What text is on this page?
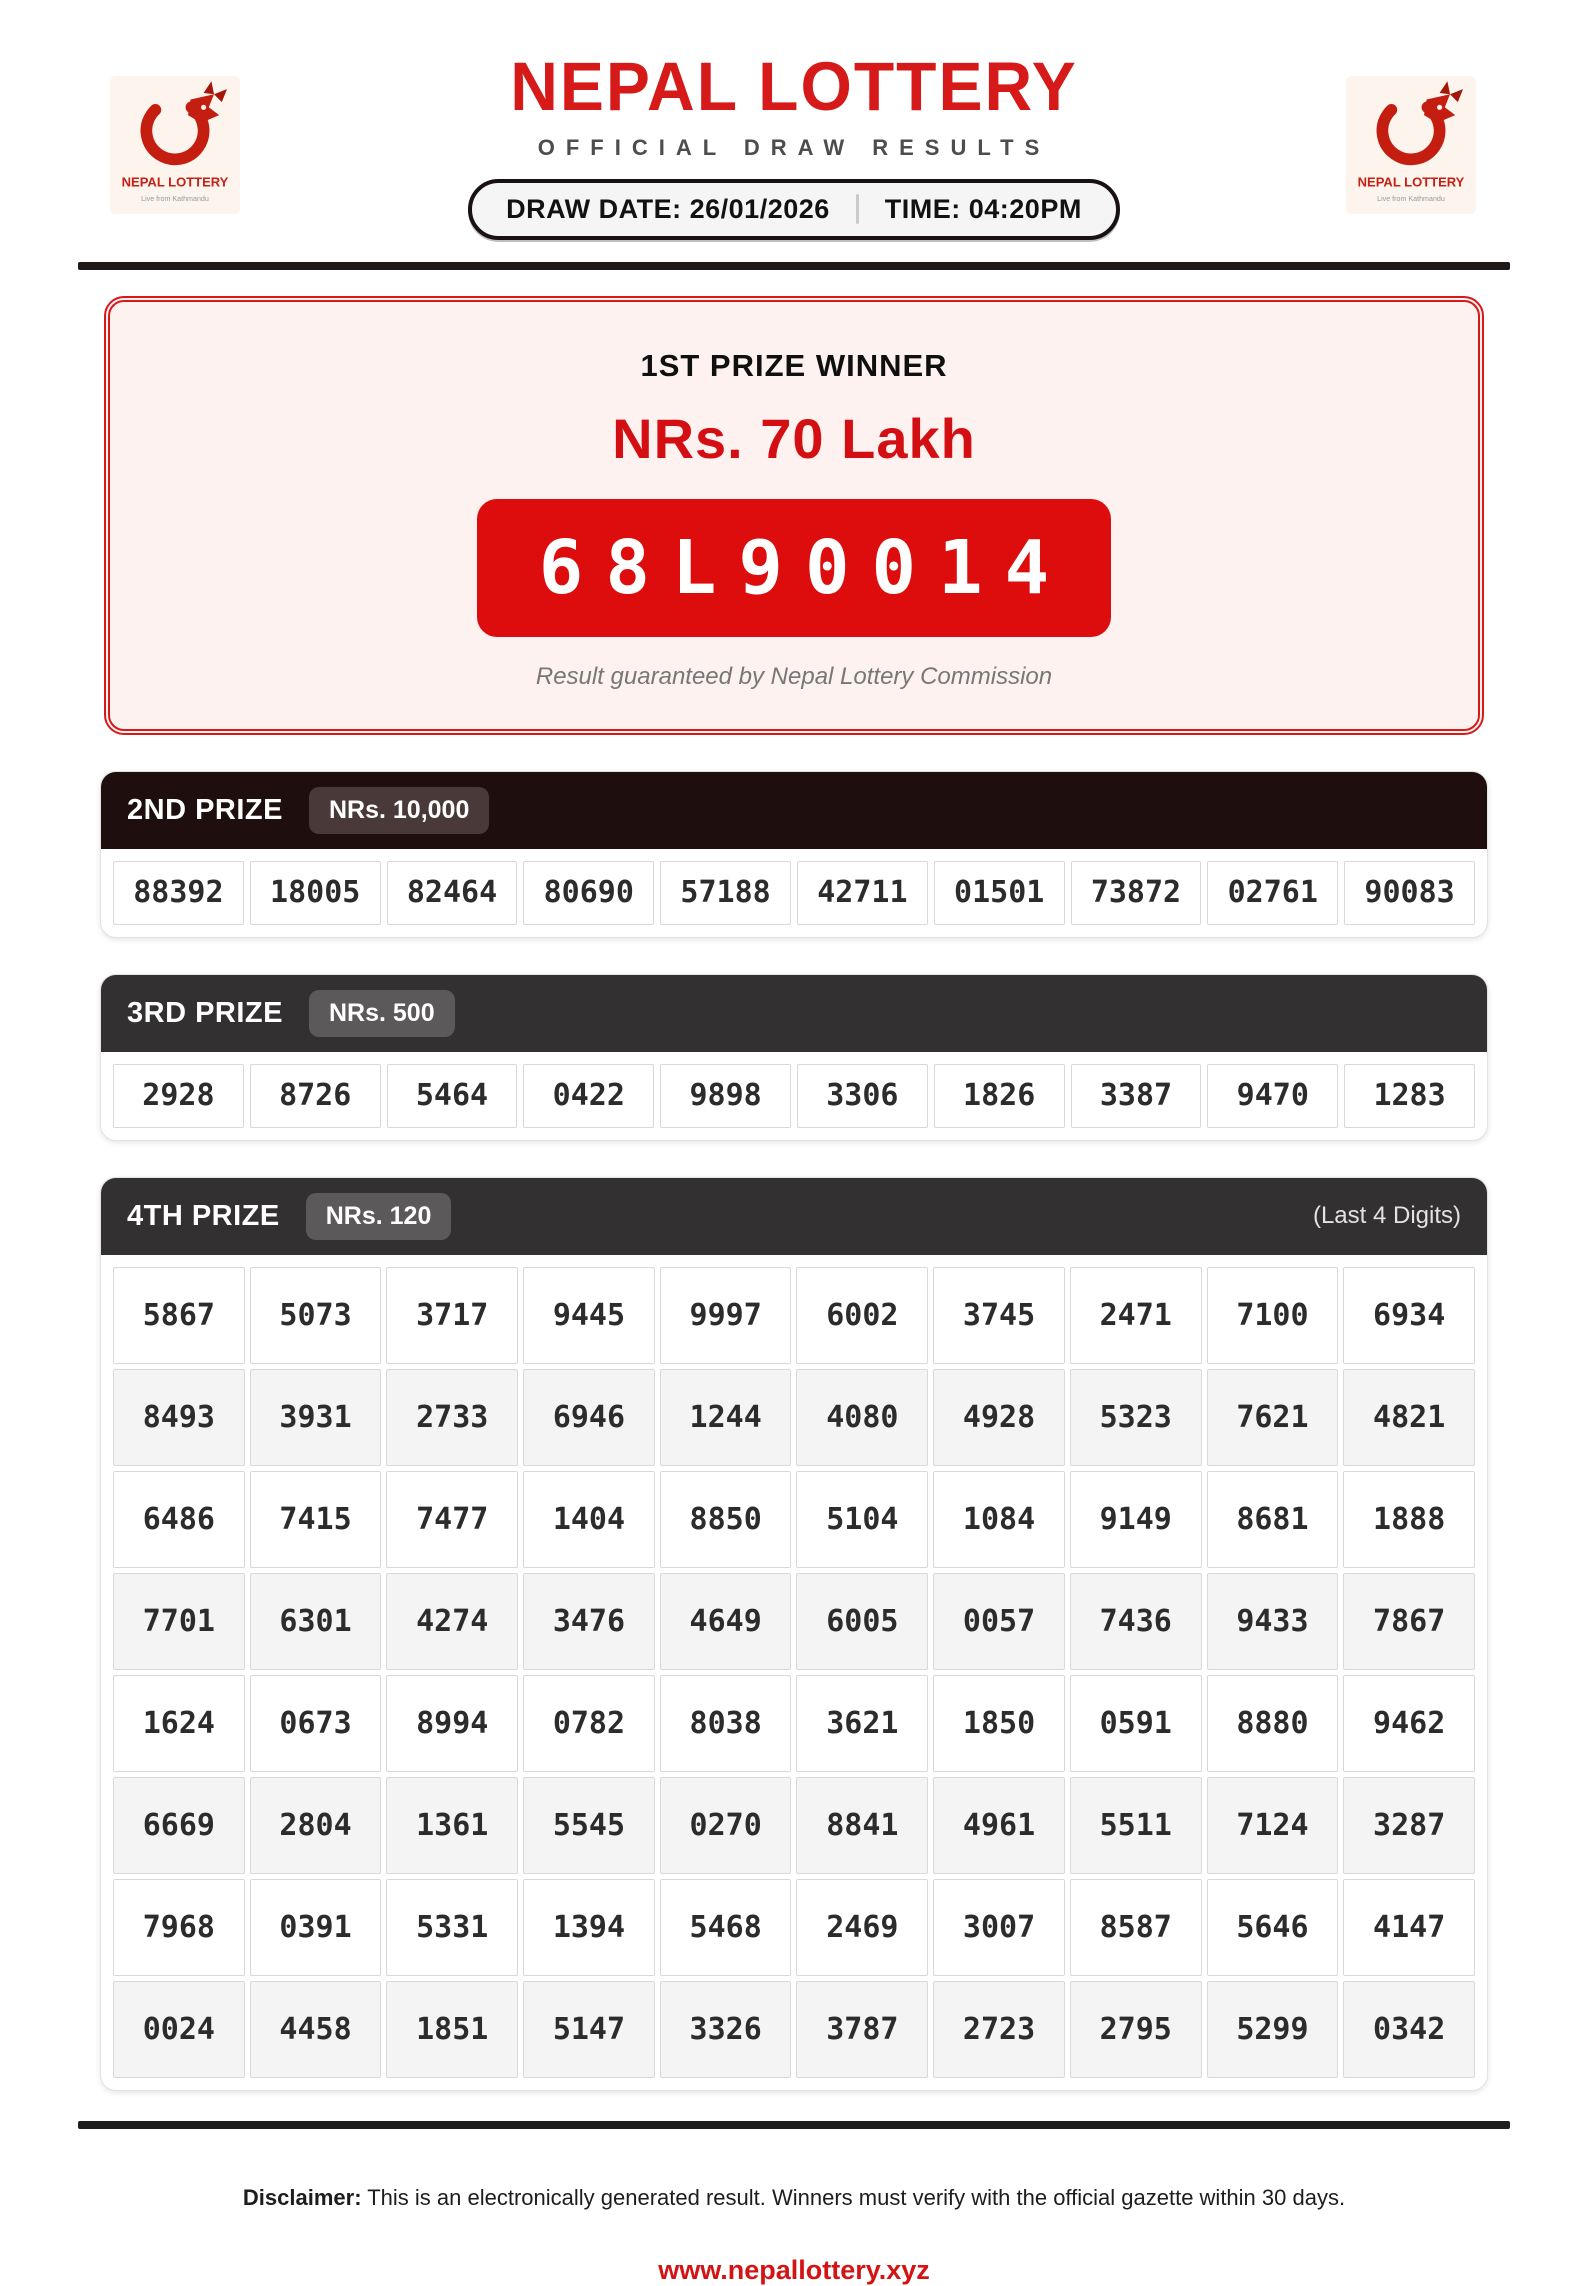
NEPAL LOTTERY
Live from Kathmandu
NEPAL LOTTERY
Live from Kathmandu
NEPAL LOTTERY
OFFICIAL DRAW RESULTS
DRAW DATE: 26/01/2026 TIME: 04:20PM
1ST PRIZE WINNER
NRs. 70 Lakh
68L90014
Result guaranteed by Nepal Lottery Commission
2ND PRIZE	NRs. 10,000
88392	18005	82464	80690	57188	42711	01501	73872	02761	90083
3RD PRIZE	NRs. 500
2928	8726	5464	0422	9898	3306	1826	3387	9470	1283
4TH PRIZE	NRs. 120	(Last 4 Digits)
5867	5073	3717	9445	9997	6002	3745	2471	7100	6934
8493	3931	2733	6946	1244	4080	4928	5323	7621	4821
6486	7415	7477	1404	8850	5104	1084	9149	8681	1888
7701	6301	4274	3476	4649	6005	0057	7436	9433	7867
1624	0673	8994	0782	8038	3621	1850	0591	8880	9462
6669	2804	1361	5545	0270	8841	4961	5511	7124	3287
7968	0391	5331	1394	5468	2469	3007	8587	5646	4147
0024	4458	1851	5147	3326	3787	2723	2795	5299	0342
Disclaimer: This is an electronically generated result. Winners must verify with the official gazette within 30 days.
www.nepallottery.xyz
